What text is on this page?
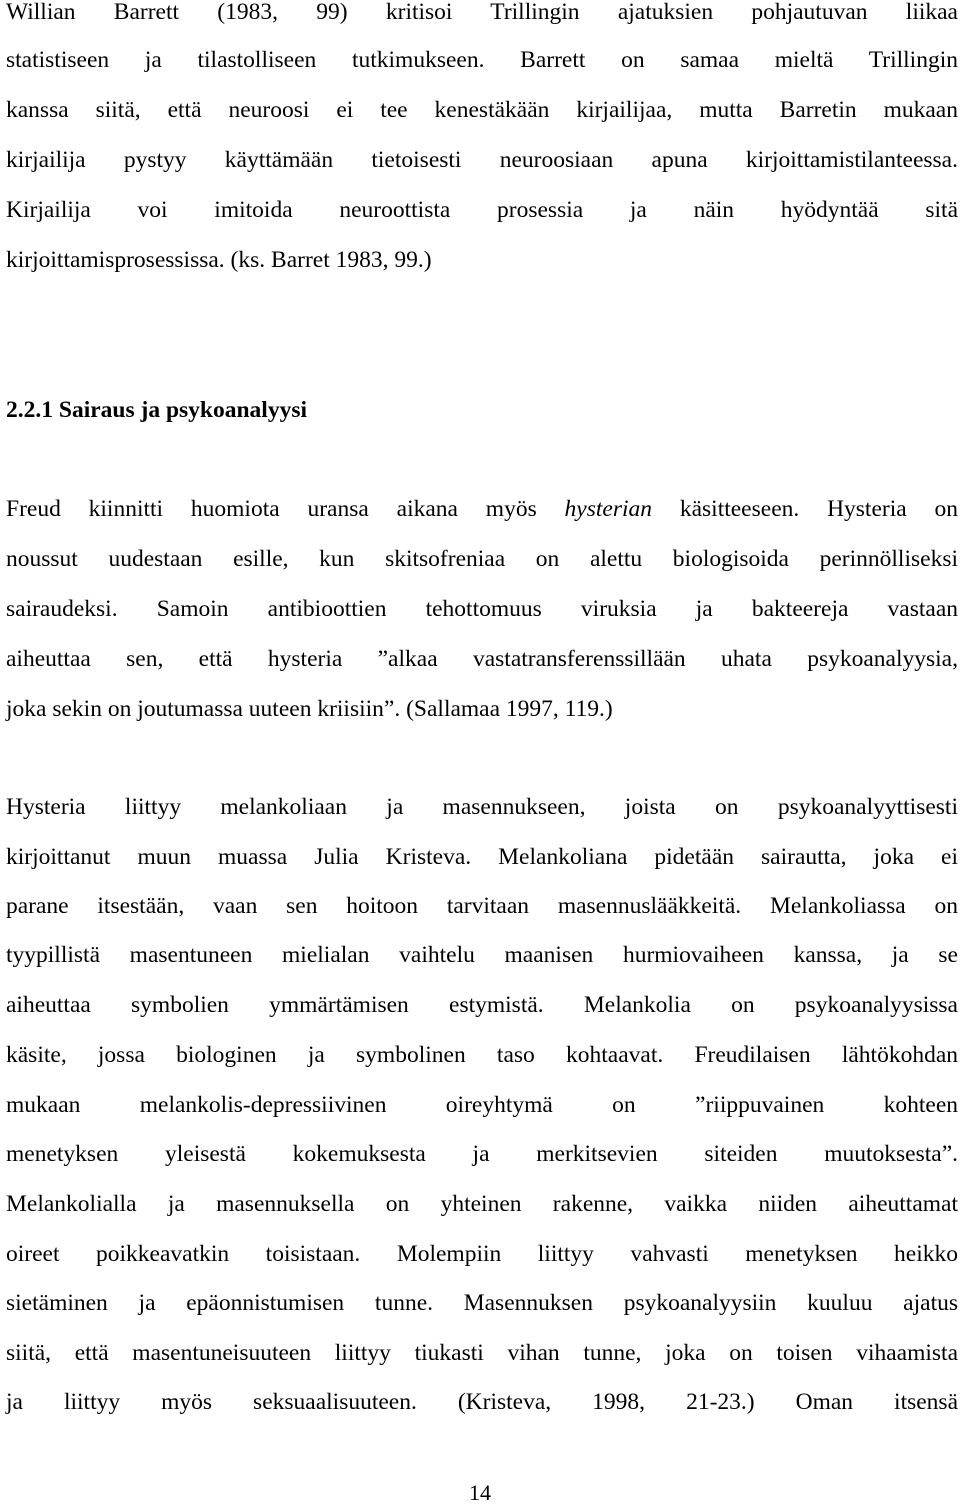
Willian Barrett (1983, 99) kritisoi Trillingin ajatuksien pohjautuvan liikaa
statistiseen ja tilastolliseen tutkimukseen. Barrett on samaa mieltä Trillingin
kanssa siitä, että neuroosi ei tee kenestäkään kirjailijaa, mutta Barretin mukaan
kirjailija pystyy käyttämään tietoisesti neuroosiaan apuna kirjoittamistilanteessa.
Kirjailija voi imitoida neuroottista prosessia ja näin hyödyntää sitä
kirjoittamisprosessissa. (ks. Barret 1983, 99.)
2.2.1 Sairaus ja psykoanalyysi
Freud kiinnitti huomiota uransa aikana myös hysterian käsitteeseen. Hysteria on
noussut uudestaan esille, kun skitsofreniaa on alettu biologisoida perinnölliseksi
sairaudeksi. Samoin antibioottien tehottomuus viruksia ja bakteereja vastaan
aiheuttaa sen, että hysteria ”alkaa vastatransferenssillään uhata psykoanalyysia,
joka sekin on joutumassa uuteen kriisiin”. (Sallamaa 1997, 119.)
Hysteria liittyy melankoliaan ja masennukseen, joista on psykoanalyyttisesti
kirjoittanut muun muassa Julia Kristeva. Melankoliana pidetään sairautta, joka ei
parane itsestään, vaan sen hoitoon tarvitaan masennuslääkkeitä. Melankoliassa on
tyypillistä masentuneen mielialan vaihtelu maanisen hurmiovaiheen kanssa, ja se
aiheuttaa symbolien ymmärtämisen estymistä. Melankolia on psykoanalyysissa
käsite, jossa biologinen ja symbolinen taso kohtaavat. Freudilaisen lähtökohdan
mukaan melankolis-depressiivinen oireyhtymä on ”riippuvainen kohteen
menetyksen yleisestä kokemuksesta ja merkitsevien siteiden muutoksesta”.
Melankolialla ja masennuksella on yhteinen rakenne, vaikka niiden aiheuttamat
oireet poikkeavatkin toisistaan. Molempiin liittyy vahvasti menetyksen heikko
sietäminen ja epäonnistumisen tunne. Masennuksen psykoanalyysiin kuuluu ajatus
siitä, että masentuneisuuteen liittyy tiukasti vihan tunne, joka on toisen vihaamista
ja liittyy myös seksuaalisuuteen. (Kristeva, 1998, 21-23.) Oman itsensä
14
